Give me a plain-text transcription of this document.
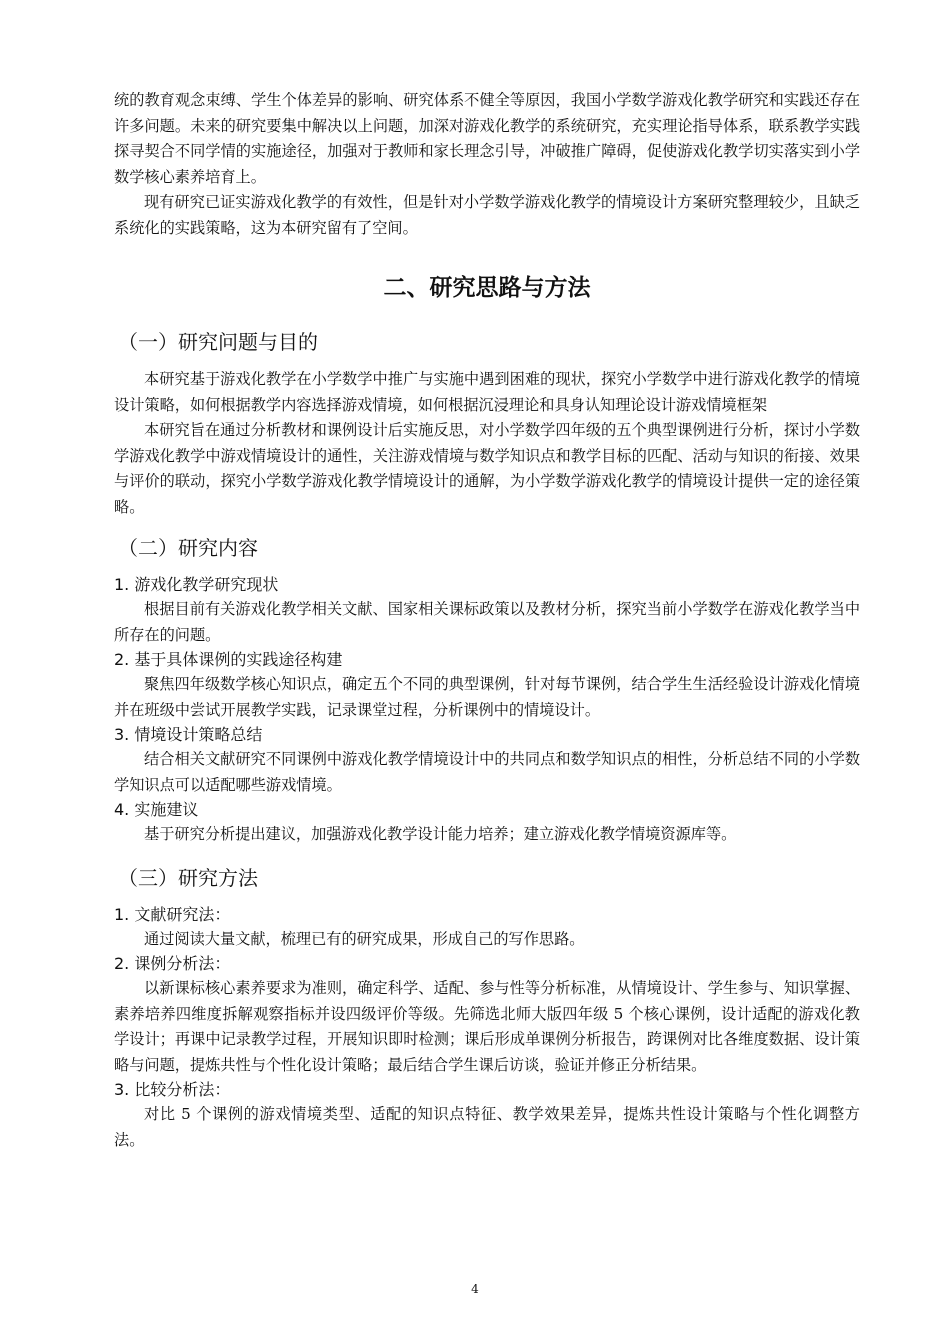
统的教育观念束缚、学生个体差异的影响、研究体系不健全等原因，我国小学数学游戏化教学研究和实践还存在许多问题。未来的研究要集中解决以上问题，加深对游戏化教学的系统研究，充实理论指导体系，联系教学实践探寻契合不同学情的实施途径，加强对于教师和家长理念引导，冲破推广障碍，促使游戏化教学切实落实到小学数学核心素养培育上。

现有研究已证实游戏化教学的有效性，但是针对小学数学游戏化教学的情境设计方案研究整理较少，且缺乏系统化的实践策略，这为本研究留有了空间。

二、研究思路与方法
（一）研究问题与目的

本研究基于游戏化教学在小学数学中推广与实施中遇到困难的现状，探究小学数学中进行游戏化教学的情境设计策略，如何根据教学内容选择游戏情境，如何根据沉浸理论和具身认知理论设计游戏情境框架

本研究旨在通过分析教材和课例设计后实施反思，对小学数学四年级的五个典型课例进行分析，探讨小学数学游戏化教学中游戏情境设计的通性，关注游戏情境与数学知识点和教学目标的匹配、活动与知识的衔接、效果与评价的联动，探究小学数学游戏化教学情境设计的通解，为小学数学游戏化教学的情境设计提供一定的途径策略。

（二）研究内容
1. 游戏化教学研究现状

根据目前有关游戏化教学相关文献、国家相关课标政策以及教材分析，探究当前小学数学在游戏化教学当中所存在的问题。

2. 基于具体课例的实践途径构建

聚焦四年级数学核心知识点，确定五个不同的典型课例，针对每节课例，结合学生生活经验设计游戏化情境并在班级中尝试开展教学实践，记录课堂过程，分析课例中的情境设计。

3. 情境设计策略总结

结合相关文献研究不同课例中游戏化教学情境设计中的共同点和数学知识点的相性，分析总结不同的小学数学知识点可以适配哪些游戏情境。

4. 实施建议

基于研究分析提出建议，加强游戏化教学设计能力培养；建立游戏化教学情境资源库等。

（三）研究方法
1. 文献研究法：

通过阅读大量文献，梳理已有的研究成果，形成自己的写作思路。

2. 课例分析法：

以新课标核心素养要求为准则，确定科学、适配、参与性等分析标准，从情境设计、学生参与、知识掌握、素养培养四维度拆解观察指标并设四级评价等级。先筛选北师大版四年级 5 个核心课例，设计适配的游戏化教学设计；再课中记录教学过程，开展知识即时检测；课后形成单课例分析报告，跨课例对比各维度数据、设计策略与问题，提炼共性与个性化设计策略；最后结合学生课后访谈，验证并修正分析结果。

3. 比较分析法：

对比 5 个课例的游戏情境类型、适配的知识点特征、教学效果差异，提炼共性设计策略与个性化调整方法。

4
